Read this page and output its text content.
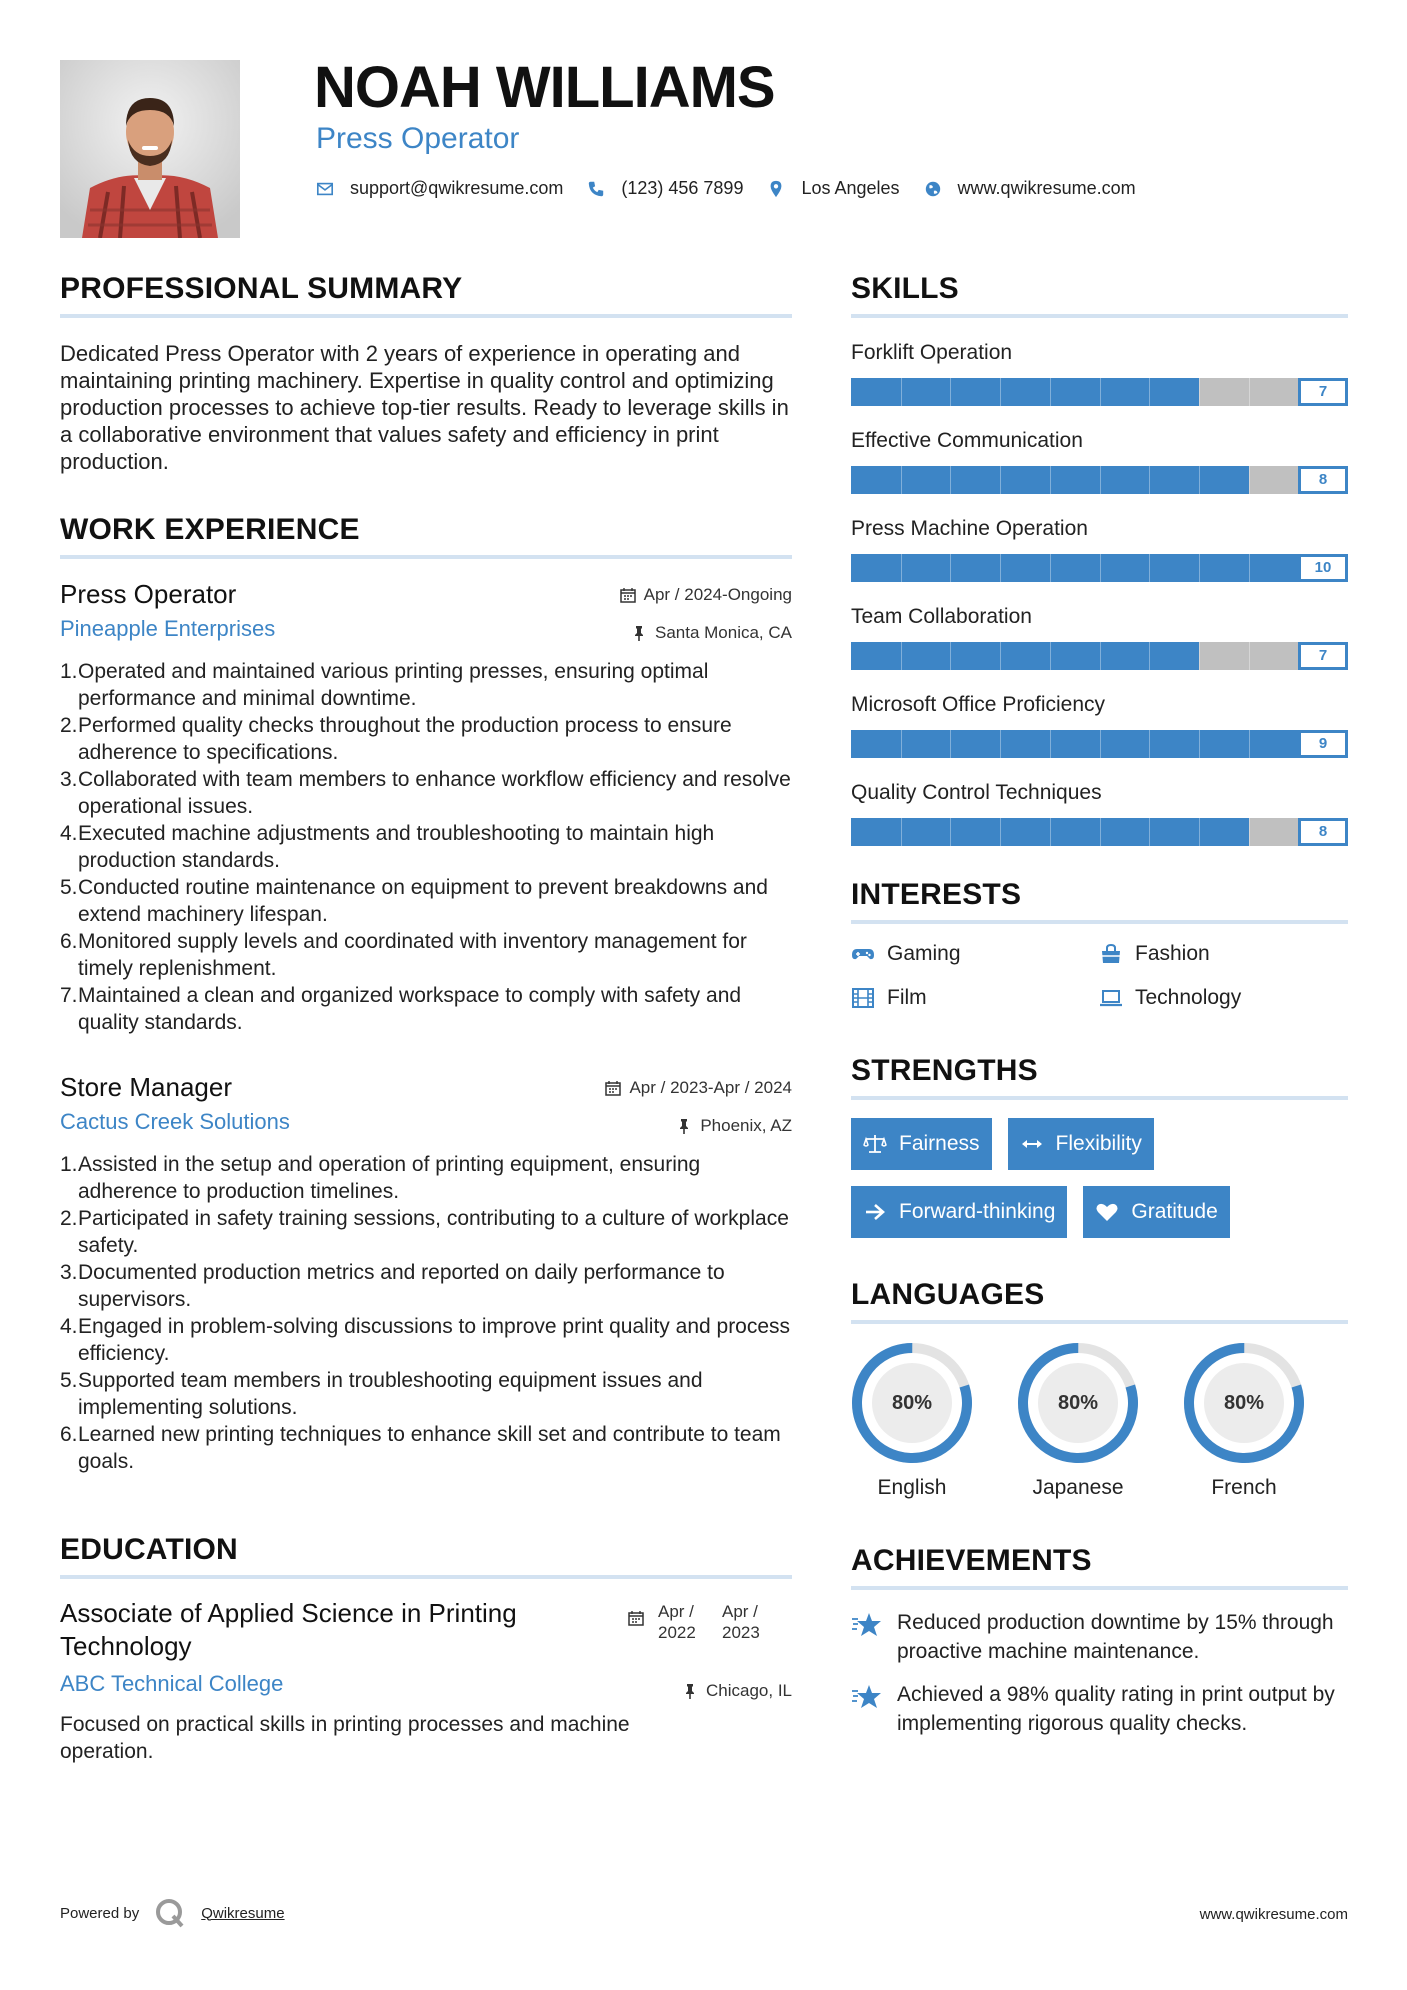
NOAH WILLIAMS
Press Operator
support@qwikresume.com	(123) 456 7899	Los Angeles	www.qwikresume.com
PROFESSIONAL SUMMARY

Dedicated Press Operator with 2 years of experience in operating and maintaining printing machinery. Expertise in quality control and optimizing production processes to achieve top-tier results. Ready to leverage skills in a collaborative environment that values safety and efficiency in print production.

WORK EXPERIENCE
Apr / 2024-Ongoing
Santa Monica, CA
Press Operator
Pineapple Enterprises
1. Operated and maintained various printing presses, ensuring optimal performance and minimal downtime.
2. Performed quality checks throughout the production process to ensure adherence to specifications.
3. Collaborated with team members to enhance workflow efficiency and resolve operational issues.
4. Executed machine adjustments and troubleshooting to maintain high production standards.
5. Conducted routine maintenance on equipment to prevent breakdowns and extend machinery lifespan.
6. Monitored supply levels and coordinated with inventory management for timely replenishment.
7. Maintained a clean and organized workspace to comply with safety and quality standards.
Apr / 2023-Apr / 2024
Phoenix, AZ
Store Manager
Cactus Creek Solutions
1. Assisted in the setup and operation of printing equipment, ensuring adherence to production timelines.
2. Participated in safety training sessions, contributing to a culture of workplace safety.
3. Documented production metrics and reported on daily performance to supervisors.
4. Engaged in problem-solving discussions to improve print quality and process efficiency.
5. Supported team members in troubleshooting equipment issues and implementing solutions.
6. Learned new printing techniques to enhance skill set and contribute to team goals.
EDUCATION
Apr / 2022
Apr / 2023
Associate of Applied Science in Printing Technology
Chicago, IL
ABC Technical College

Focused on practical skills in printing processes and machine operation.

SKILLS
Forklift Operation
7
Effective Communication
8
Press Machine Operation
10
Team Collaboration
7
Microsoft Office Proficiency
9
Quality Control Techniques
8
INTERESTS
Gaming	Fashion
Film	Technology
STRENGTHS
Fairness	Flexibility
Forward-thinking	Gratitude
LANGUAGES
80%
English
80%
Japanese
80%
French
ACHIEVEMENTS
Reduced production downtime by 15% through proactive machine maintenance.
Achieved a 98% quality rating in print output by implementing rigorous quality checks.
Powered by	Qwikresume	www.qwikresume.com
